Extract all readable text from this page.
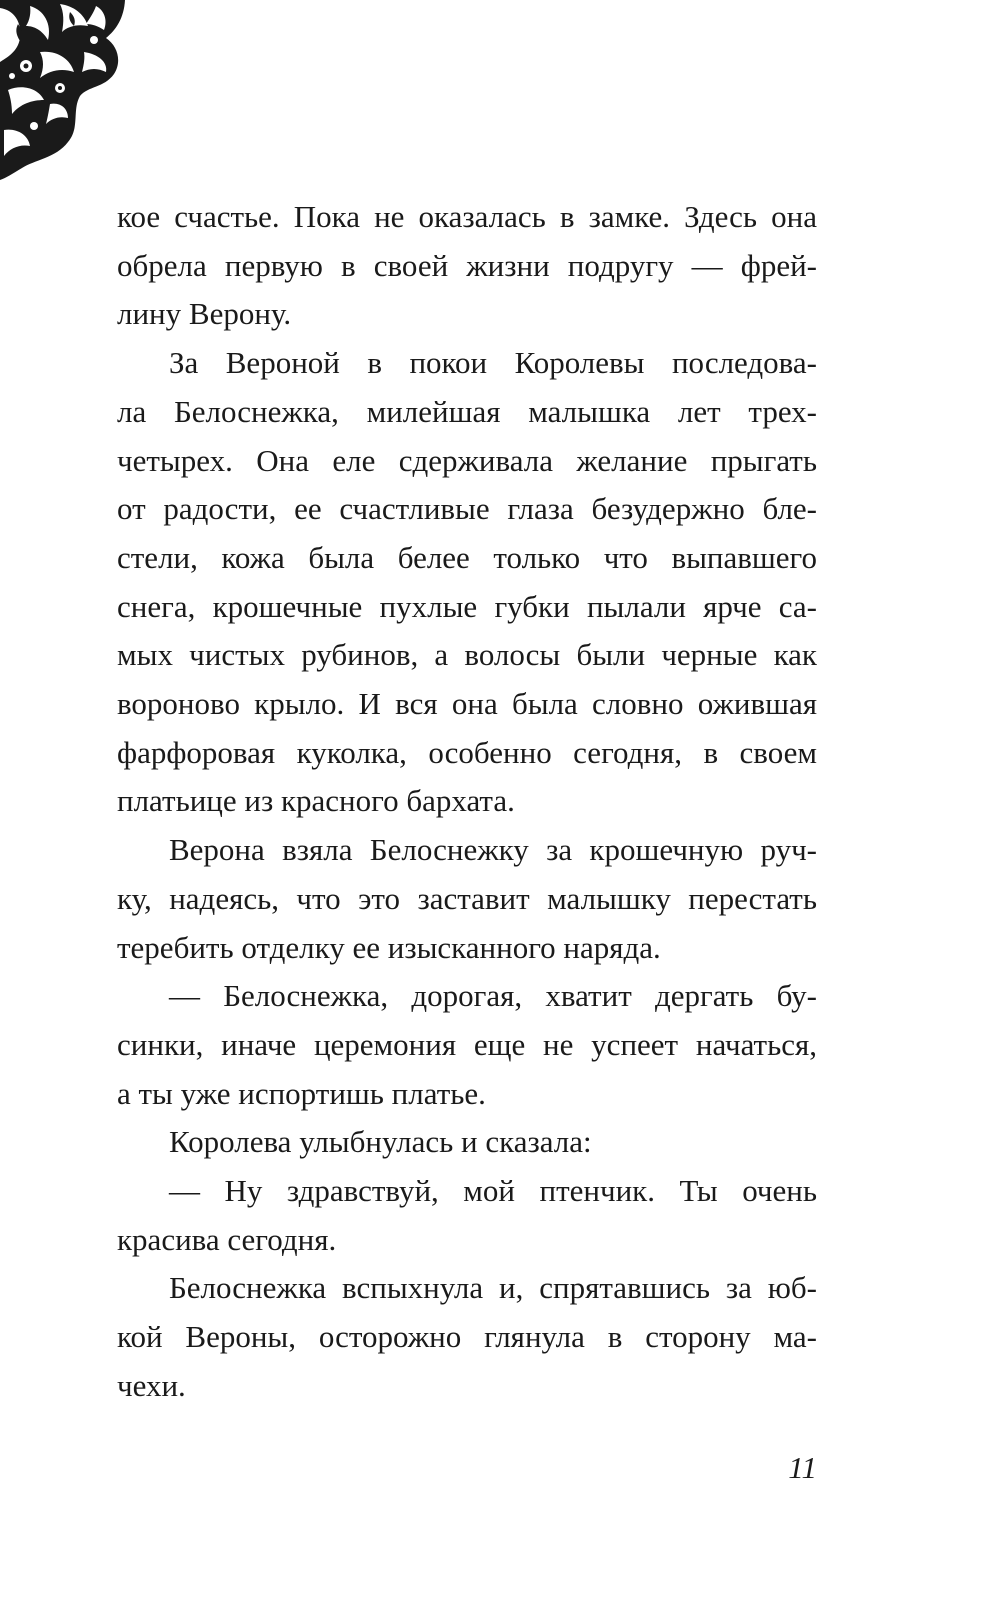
кое счастье. Пока не оказалась в замке. Здесь она
обрела первую в своей жизни подругу — фрей-
лину Верону.

За Вероной в покои Королевы последова-
ла Белоснежка, милейшая малышка лет трех-
четырех. Она еле сдерживала желание прыгать
от радости, ее счастливые глаза безудержно бле-
стели, кожа была белее только что выпавшего
снега, крошечные пухлые губки пылали ярче са-
мых чистых рубинов, а волосы были черные как
вороново крыло. И вся она была словно ожившая
фарфоровая куколка, особенно сегодня, в своем
платьице из красного бархата.

Верона взяла Белоснежку за крошечную руч-
ку, надеясь, что это заставит малышку перестать
теребить отделку ее изысканного наряда.

— Белоснежка, дорогая, хватит дергать бу-
синки, иначе церемония еще не успеет начаться,
а ты уже испортишь платье.

Королева улыбнулась и сказала:

— Ну здравствуй, мой птенчик. Ты очень
красива сегодня.

Белоснежка вспыхнула и, спрятавшись за юб-
кой Вероны, осторожно глянула в сторону ма-
чехи.

11
